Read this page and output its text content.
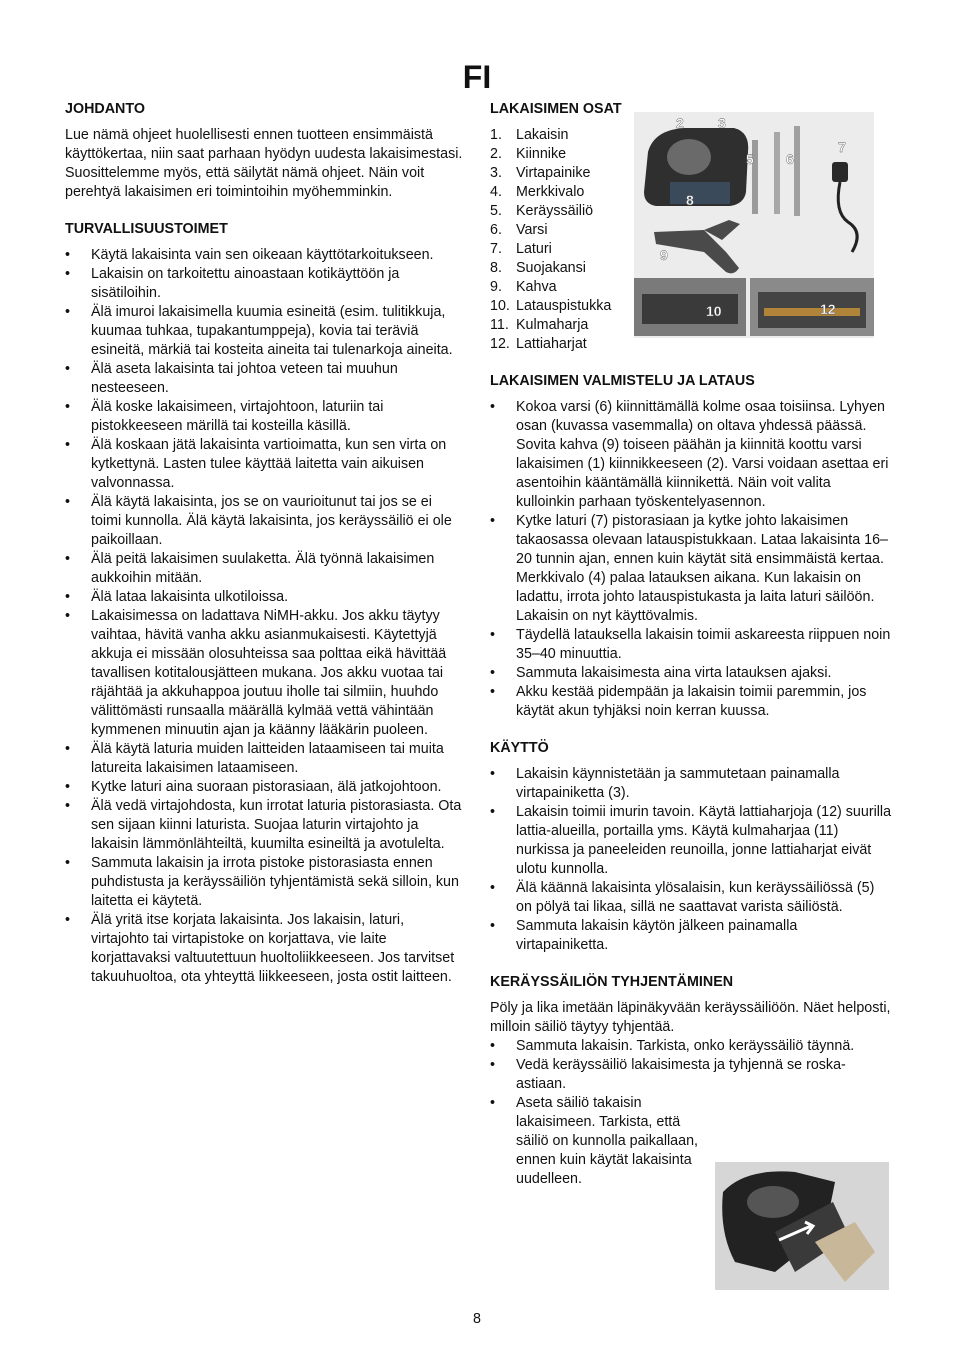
FI
JOHDANTO

Lue nämä ohjeet huolellisesti ennen tuotteen ensimmäistä käyttökertaa, niin saat parhaan hyödyn uudesta lakaisimestasi. Suosittelemme myös, että säilytät nämä ohjeet. Näin voit perehtyä lakaisimen eri toimintoihin myöhemminkin.

TURVALLISUUSTOIMET
• Käytä lakaisinta vain sen oikeaan käyttötarkoitukseen.
• Lakaisin on tarkoitettu ainoastaan kotikäyttöön ja sisätiloihin.
• Älä imuroi lakaisimella kuumia esineitä (esim. tulitikkuja, kuumaa tuhkaa, tupakantumppeja), kovia tai teräviä esineitä, märkiä tai kosteita aineita tai tulenarkoja aineita.
• Älä aseta lakaisinta tai johtoa veteen tai muuhun nesteeseen.
• Älä koske lakaisimeen, virtajohtoon, laturiin tai pistokkeeseen märillä tai kosteilla käsillä.
• Älä koskaan jätä lakaisinta vartioimatta, kun sen virta on kytkettynä. Lasten tulee käyttää laitetta vain aikuisen valvonnassa.
• Älä käytä lakaisinta, jos se on vaurioitunut tai jos se ei toimi kunnolla. Älä käytä lakaisinta, jos keräyssäiliö ei ole paikoillaan.
• Älä peitä lakaisimen suulaketta. Älä työnnä lakaisimen aukkoihin mitään.
• Älä lataa lakaisinta ulkotiloissa.
• Lakaisimessa on ladattava NiMH-akku. Jos akku täytyy vaihtaa, hävitä vanha akku asianmukaisesti. Käytettyjä akkuja ei missään olosuhteissa saa polttaa eikä hävittää tavallisen kotitalousjätteen mukana. Jos akku vuotaa tai räjähtää ja akkuhappoa joutuu iholle tai silmiin, huuhdo välittömästi runsaalla määrällä kylmää vettä vähintään kymmenen minuutin ajan ja käänny lääkärin puoleen.
• Älä käytä laturia muiden laitteiden lataamiseen tai muita latureita lakaisimen lataamiseen.
• Kytke laturi aina suoraan pistorasiaan, älä jatkojohtoon.
• Älä vedä virtajohdosta, kun irrotat laturia pistorasiasta. Ota sen sijaan kiinni laturista. Suojaa laturin virtajohto ja lakaisin lämmönlähteiltä, kuumilta esineiltä ja avotulelta.
• Sammuta lakaisin ja irrota pistoke pistorasiasta ennen puhdistusta ja keräyssäiliön tyhjentämistä sekä silloin, kun laitetta ei käytetä.
• Älä yritä itse korjata lakaisinta. Jos lakaisin, laturi, virtajohto tai virtapistoke on korjattava, vie laite korjattavaksi valtuutettuun huoltoliikkeeseen. Jos tarvitset takuuhuoltoa, ota yhteyttä liikkeeseen, josta ostit laitteen.
LAKAISIMEN OSAT
1. Lakaisin
2. Kiinnike
3. Virtapainike
4. Merkkivalo
5. Keräyssäiliö
6. Varsi
7. Laturi
8. Suojakansi
9. Kahva
10. Latauspistukka
11. Kulmaharja
12. Lattiaharjat
LAKAISIMEN VALMISTELU JA LATAUS
• Kokoa varsi (6) kiinnittämällä kolme osaa toisiinsa. Lyhyen osan (kuvassa vasemmalla) on oltava yhdessä päässä. Sovita kahva (9) toiseen päähän ja kiinnitä koottu varsi lakaisimen (1) kiinnikkeeseen (2). Varsi voidaan asettaa eri asentoihin kääntämällä kiinnikettä. Näin voit valita kulloinkin parhaan työskentelyasennon.
• Kytke laturi (7) pistorasiaan ja kytke johto lakaisimen takaosassa olevaan latauspistukkaan. Lataa lakaisinta 16–20 tunnin ajan, ennen kuin käytät sitä ensimmäistä kertaa. Merkkivalo (4) palaa latauksen aikana. Kun lakaisin on ladattu, irrota johto latauspistukasta ja laita laturi säilöön. Lakaisin on nyt käyttövalmis.
• Täydellä latauksella lakaisin toimii askareesta riippuen noin 35–40 minuuttia.
• Sammuta lakaisimesta aina virta latauksen ajaksi.
• Akku kestää pidempään ja lakaisin toimii paremmin, jos käytät akun tyhjäksi noin kerran kuussa.
KÄYTTÖ
• Lakaisin käynnistetään ja sammutetaan painamalla virtapainiketta (3).
• Lakaisin toimii imurin tavoin. Käytä lattiaharjoja (12) suurilla lattia-alueilla, portailla yms. Käytä kulmaharjaa (11) nurkissa ja paneeleiden reunoilla, jonne lattiaharjat eivät ulotu kunnolla.
• Älä käännä lakaisinta ylösalaisin, kun keräyssäiliössä (5) on pölyä tai likaa, sillä ne saattavat varista säiliöstä.
• Sammuta lakaisin käytön jälkeen painamalla virtapainiketta.
KERÄYSSÄILIÖN TYHJENTÄMINEN

Pöly ja lika imetään läpinäkyvään keräyssäiliöön. Näet helposti, milloin säiliö täytyy tyhjentää.

• Sammuta lakaisin. Tarkista, onko keräyssäiliö täynnä.
• Vedä keräyssäiliö lakaisimesta ja tyhjennä se roska-astiaan.
• Aseta säiliö takaisin lakaisimeen. Tarkista, että säiliö on kunnolla paikallaan, ennen kuin käytät lakaisinta uudelleen.
2 3
5 6
7
8
9
10	12
8
